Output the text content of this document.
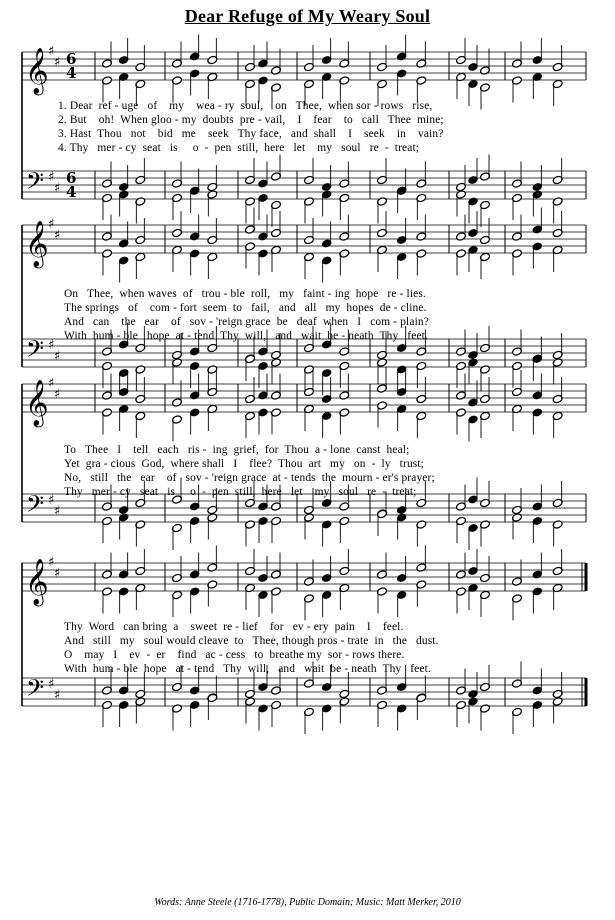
Dear Refuge of My Weary Soul
𝄞
𝄢
♯
♯
♯
♯
6
4
6
4
𝄞
𝄢
♯
♯
♯
♯
𝄞
𝄢
♯
♯
♯
♯
𝄞
𝄢
♯
♯
♯
♯
1. Dear  ref - uge   of    my    wea - ry  soul,    on   Thee,  when sor - rows   rise,
2. But    oh!  When gloo - my  doubts  pre - vail,    I    fear    to   call   Thee  mine;
3. Hast  Thou   not    bid   me    seek   Thy face,   and  shall    I    seek    in    vain?
4. Thy   mer - cy  seat   is     o  -  pen  still,  here   let    my   soul   re  -  treat;
On   Thee,  when waves  of   trou - ble  roll,   my   faint - ing  hope   re - lies.
The springs   of    com - fort  seem  to   fail,   and   all   my  hopes  de - cline.
And   can    the   ear    of   sov - 'reign grace  be   deaf  when   I   com - plain?
With  hum - ble   hope  at - tend  Thy  will,   and   wait  be - neath  Thy   feet.
To   Thee   I    tell   each   ris -  ing  grief,  for  Thou  a - lone  canst  heal;
Yet  gra - cious  God,  where shall   I    flee?  Thou  art   my   on  -  ly   trust;
No,   still   the   ear    of   sov - 'reign grace  at - tends  the  mourn - er's prayer;
Thy   mer - cy   seat   is     o  -  pen  still,  here   let    my   soul   re  -  treat;
Thy  Word   can bring  a    sweet  re - lief    for   ev - ery  pain    I    feel.
And   still   my   soul would cleave  to   Thee, though pros - trate  in   the   dust.
O    may   I    ev  -  er    find   ac - cess   to  breathe my  sor - rows there.
With  hum - ble  hope   at - tend   Thy  will,   and   wait  be - neath  Thy   feet.
Words: Anne Steele (1716-1778), Public Domain; Music: Matt Merker, 2010
